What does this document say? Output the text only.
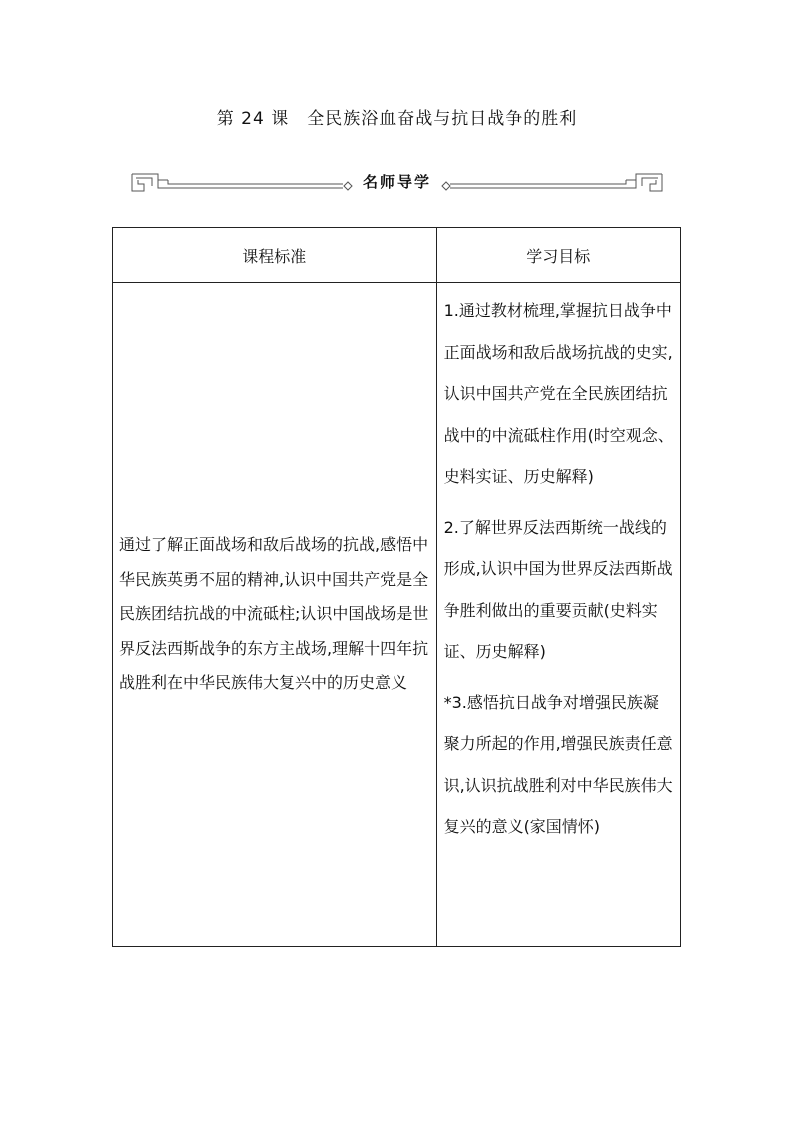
第 24 课　全民族浴血奋战与抗日战争的胜利
名师导学
课程标准	学习目标
通过了解正面战场和敌后战场的抗战,感悟中华民族英勇不屈的精神,认识中国共产党是全民族团结抗战的中流砥柱;认识中国战场是世界反法西斯战争的东方主战场,理解十四年抗战胜利在中华民族伟大复兴中的历史意义	1.通过教材梳理,掌握抗日战争中正面战场和敌后战场抗战的史实,认识中国共产党在全民族团结抗战中的中流砥柱作用(时空观念、史料实证、历史解释)

2.了解世界反法西斯统一战线的形成,认识中国为世界反法西斯战争胜利做出的重要贡献(史料实证、历史解释)

*3.感悟抗日战争对增强民族凝聚力所起的作用,增强民族责任意识,认识抗战胜利对中华民族伟大复兴的意义(家国情怀)
